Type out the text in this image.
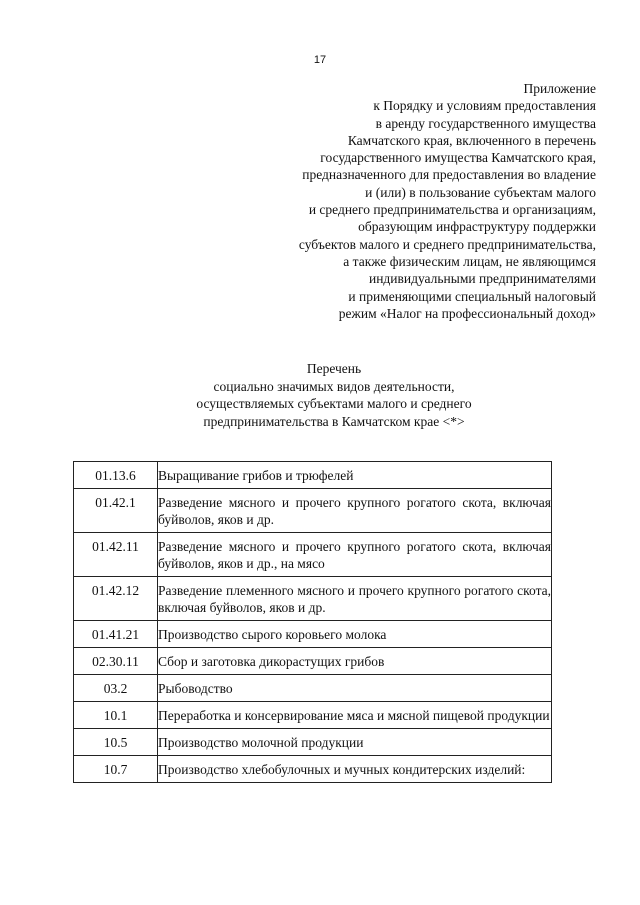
17
Приложение
к Порядку и условиям предоставления
в аренду государственного имущества
Камчатского края, включенного в перечень
государственного имущества Камчатского края,
предназначенного для предоставления во владение
и (или) в пользование субъектам малого
и среднего предпринимательства и организациям,
образующим инфраструктуру поддержки
субъектов малого и среднего предпринимательства,
а также физическим лицам, не являющимся
индивидуальными предпринимателями
и применяющими специальный налоговый
режим «Налог на профессиональный доход»
Перечень
социально значимых видов деятельности,
осуществляемых субъектами малого и среднего
предпринимательства в Камчатском крае <*>
01.13.6	Выращивание грибов и трюфелей

01.42.1	Разведение мясного и прочего крупного рогатого скота, включая буйволов, яков и др.

01.42.11	Разведение мясного и прочего крупного рогатого скота, включая буйволов, яков и др., на мясо

01.42.12	Разведение племенного мясного и прочего крупного рогатого скота, включая буйволов, яков и др.

01.41.21	Производство сырого коровьего молока

02.30.11	Сбор и заготовка дикорастущих грибов

03.2	Рыбоводство

10.1	Переработка и консервирование мяса и мясной пищевой продукции

10.5	Производство молочной продукции

10.7	Производство хлебобулочных и мучных кондитерских изделий:
